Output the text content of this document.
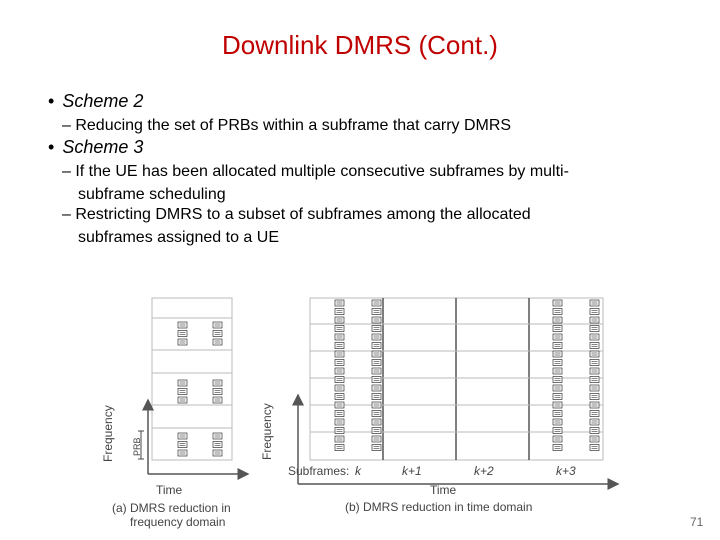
Downlink DMRS (Cont.)
• Scheme 2
– Reducing the set of PRBs within a subframe that carry DMRS
• Scheme 3
– If the UE has been allocated multiple consecutive subframes by multi-
subframe scheduling
– Restricting DMRS to a subset of subframes among the allocated
subframes assigned to a UE
Frequency PRB
Time
(a) DMRS reduction in
frequency domain
Frequency
Subframes: k	k+1	k+2	k+3
Time
(b) DMRS reduction in time domain
71
